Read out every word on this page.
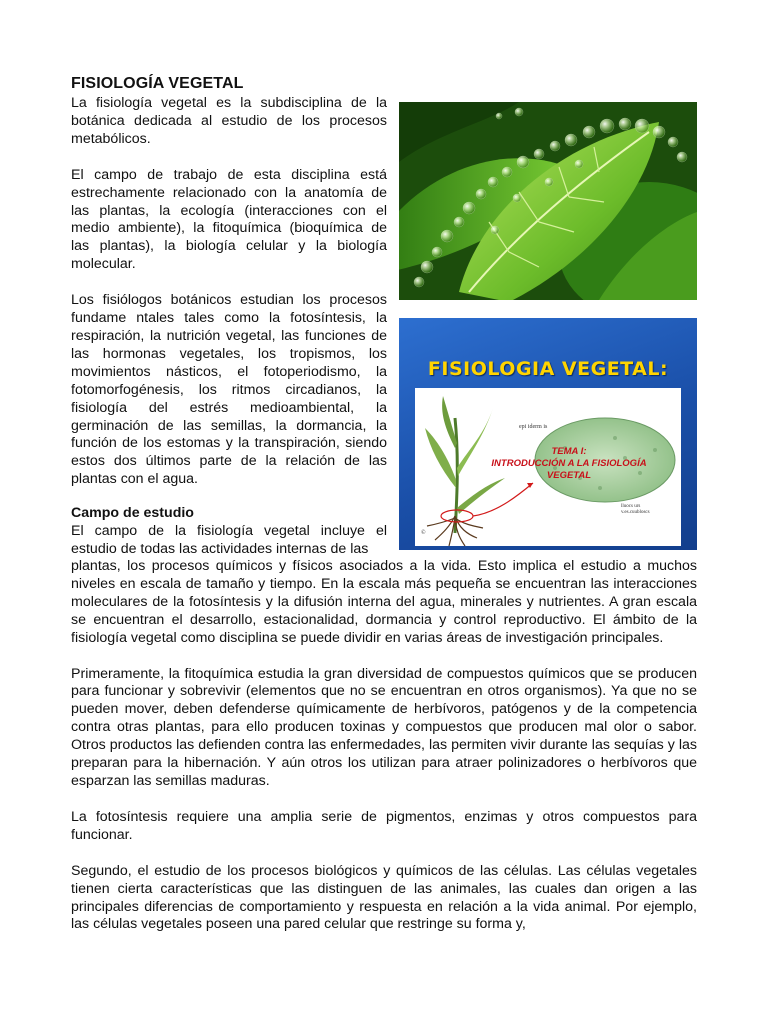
FISIOLOGÍA VEGETAL

La fisiología vegetal es la subdisciplina de la botánica dedicada al estudio de los procesos metabólicos.

El campo de trabajo de esta disciplina está estrechamente relacionado con la anatomía de las plantas, la ecología (interacciones con el medio ambiente), la fitoquímica (bioquímica de las plantas), la biología celular y la biología molecular.

Los fisiólogos botánicos estudian los procesos fundame ntales tales como la fotosíntesis, la respiración, la nutrición vegetal, las funciones de las hormonas vegetales, los tropismos, los movimientos násticos, el fotoperiodismo, la fotomorfogénesis, los ritmos circadianos, la fisiología del estrés medioambiental, la germinación de las semillas, la dormancia, la función de los estomas y la transpiración, siendo estos dos últimos parte de la relación de las plantas con el agua.

Campo de estudio

El campo de la fisiología vegetal incluye el estudio de todas las actividades internas de las

plantas, los procesos químicos y físicos asociados a la vida. Esto implica el estudio a muchos niveles en escala de tamaño y tiempo. En la escala más pequeña se encuentran las interacciones moleculares de la fotosíntesis y la difusión interna del agua, minerales y nutrientes. A gran escala se encuentran el desarrollo, estacionalidad, dormancia y control reproductivo. El ámbito de la fisiología vegetal como disciplina se puede dividir en varias áreas de investigación principales.

Primeramente, la fitoquímica estudia la gran diversidad de compuestos químicos que se producen para funcionar y sobrevivir (elementos que no se encuentran en otros organismos). Ya que no se pueden mover, deben defenderse químicamente de herbívoros, patógenos y de la competencia contra otras plantas, para ello producen toxinas y compuestos que producen mal olor o sabor. Otros productos las defienden contra las enfermedades, las permiten vivir durante las sequías y las preparan para la hibernación. Y aún otros los utilizan para atraer polinizadores o herbívoros que esparzan las semillas maduras.

La fotosíntesis requiere una amplia serie de pigmentos, enzimas y otros compuestos para funcionar.

Segundo, el estudio de los procesos biológicos y químicos de las células. Las células vegetales tienen cierta características que las distinguen de las animales, las cuales dan origen a las principales diferencias de comportamiento y respuesta en relación a la vida animal. Por ejemplo, las células vegetales poseen una pared celular que restringe su forma y,

FISIOLOGIA VEGETAL:
epi iderm is
TEMA I:
INTRODUCCIÓN A LA FISIOLOGÍA VEGETAL
lluocs urs
v.es.cuubloscs
©
